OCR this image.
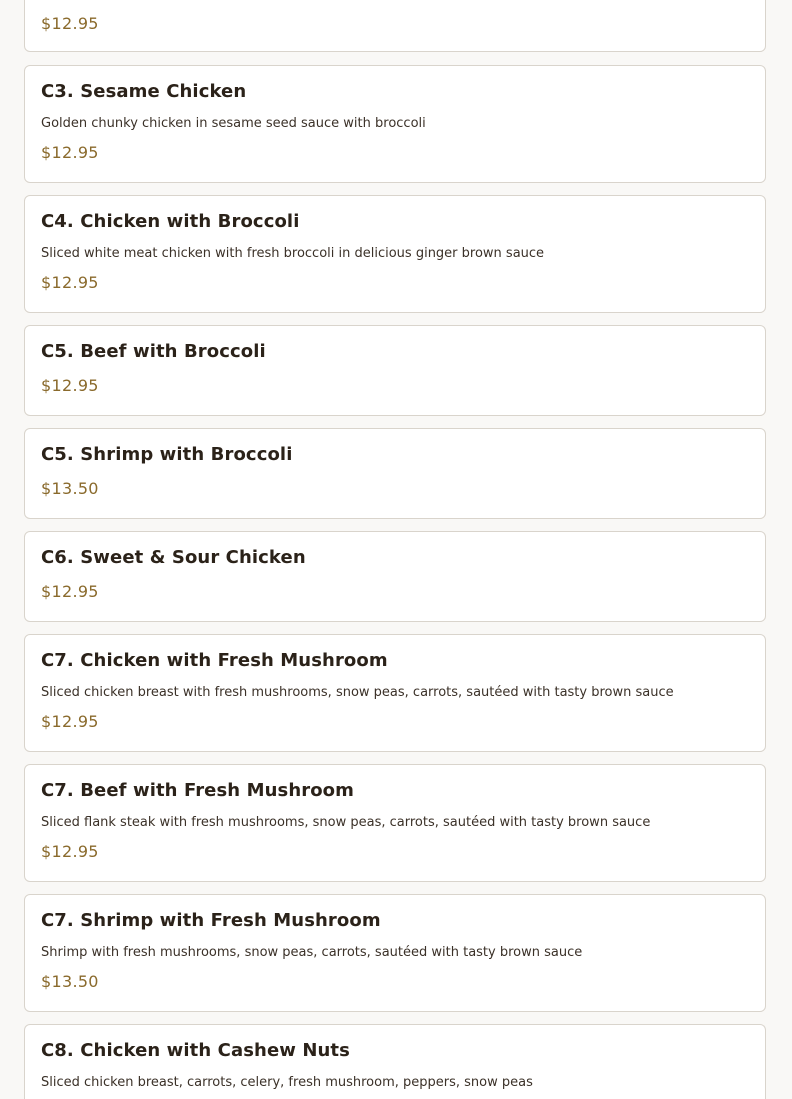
$12.95

C3. Sesame Chicken

Golden chunky chicken in sesame seed sauce with broccoli

$12.95

C4. Chicken with Broccoli

Sliced white meat chicken with fresh broccoli in delicious ginger brown sauce

$12.95

C5. Beef with Broccoli

$12.95

C5. Shrimp with Broccoli

$13.50

C6. Sweet & Sour Chicken

$12.95

C7. Chicken with Fresh Mushroom

Sliced chicken breast with fresh mushrooms, snow peas, carrots, sautéed with tasty brown sauce

$12.95

C7. Beef with Fresh Mushroom

Sliced flank steak with fresh mushrooms, snow peas, carrots, sautéed with tasty brown sauce

$12.95

C7. Shrimp with Fresh Mushroom

Shrimp with fresh mushrooms, snow peas, carrots, sautéed with tasty brown sauce

$13.50

C8. Chicken with Cashew Nuts

Sliced chicken breast, carrots, celery, fresh mushroom, peppers, snow peas
